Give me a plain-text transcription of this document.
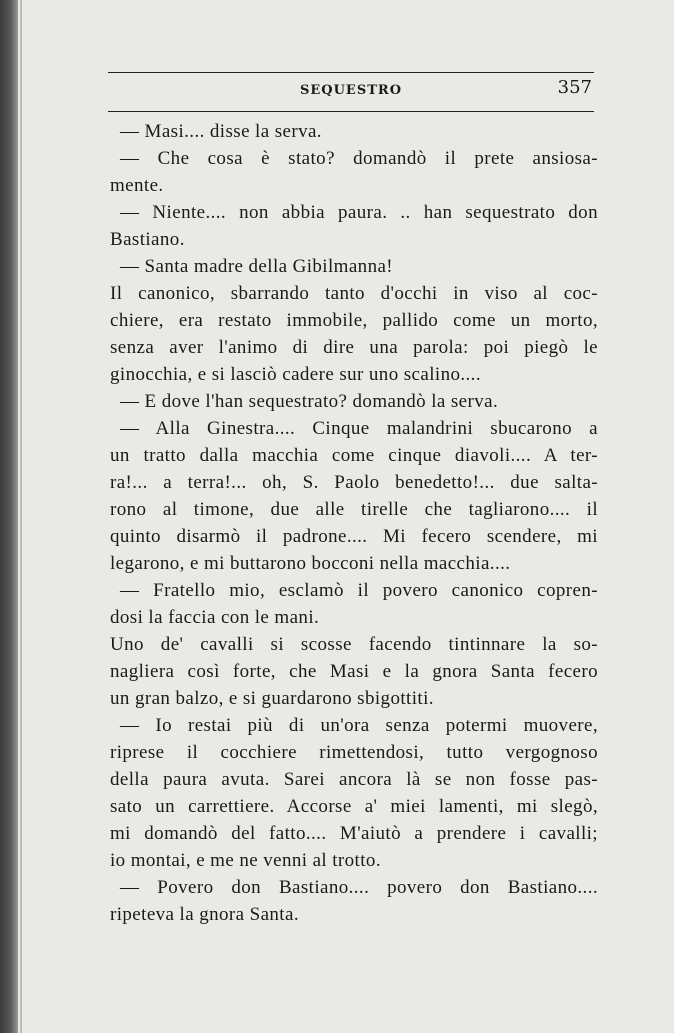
SEQUESTRO	357
— Masi.... disse la serva.
— Che cosa è stato? domandò il prete ansiosa-
mente.
— Niente.... non abbia paura. .. han sequestrato don
Bastiano.
— Santa madre della Gibilmanna!
Il canonico, sbarrando tanto d'occhi in viso al coc-
chiere, era restato immobile, pallido come un morto,
senza aver l'animo di dire una parola: poi piegò le
ginocchia, e si lasciò cadere sur uno scalino....
— E dove l'han sequestrato? domandò la serva.
— Alla Ginestra.... Cinque malandrini sbucarono a
un tratto dalla macchia come cinque diavoli.... A ter-
ra!... a terra!... oh, S. Paolo benedetto!... due salta-
rono al timone, due alle tirelle che tagliarono.... il
quinto disarmò il padrone.... Mi fecero scendere, mi
legarono, e mi buttarono bocconi nella macchia....
— Fratello mio, esclamò il povero canonico copren-
dosi la faccia con le mani.
Uno de' cavalli si scosse facendo tintinnare la so-
nagliera così forte, che Masi e la gnora Santa fecero
un gran balzo, e si guardarono sbigottiti.
— Io restai più di un'ora senza potermi muovere,
riprese il cocchiere rimettendosi, tutto vergognoso
della paura avuta. Sarei ancora là se non fosse pas-
sato un carrettiere. Accorse a' miei lamenti, mi slegò,
mi domandò del fatto.... M'aiutò a prendere i cavalli;
io montai, e me ne venni al trotto.
— Povero don Bastiano.... povero don Bastiano....
ripeteva la gnora Santa.
